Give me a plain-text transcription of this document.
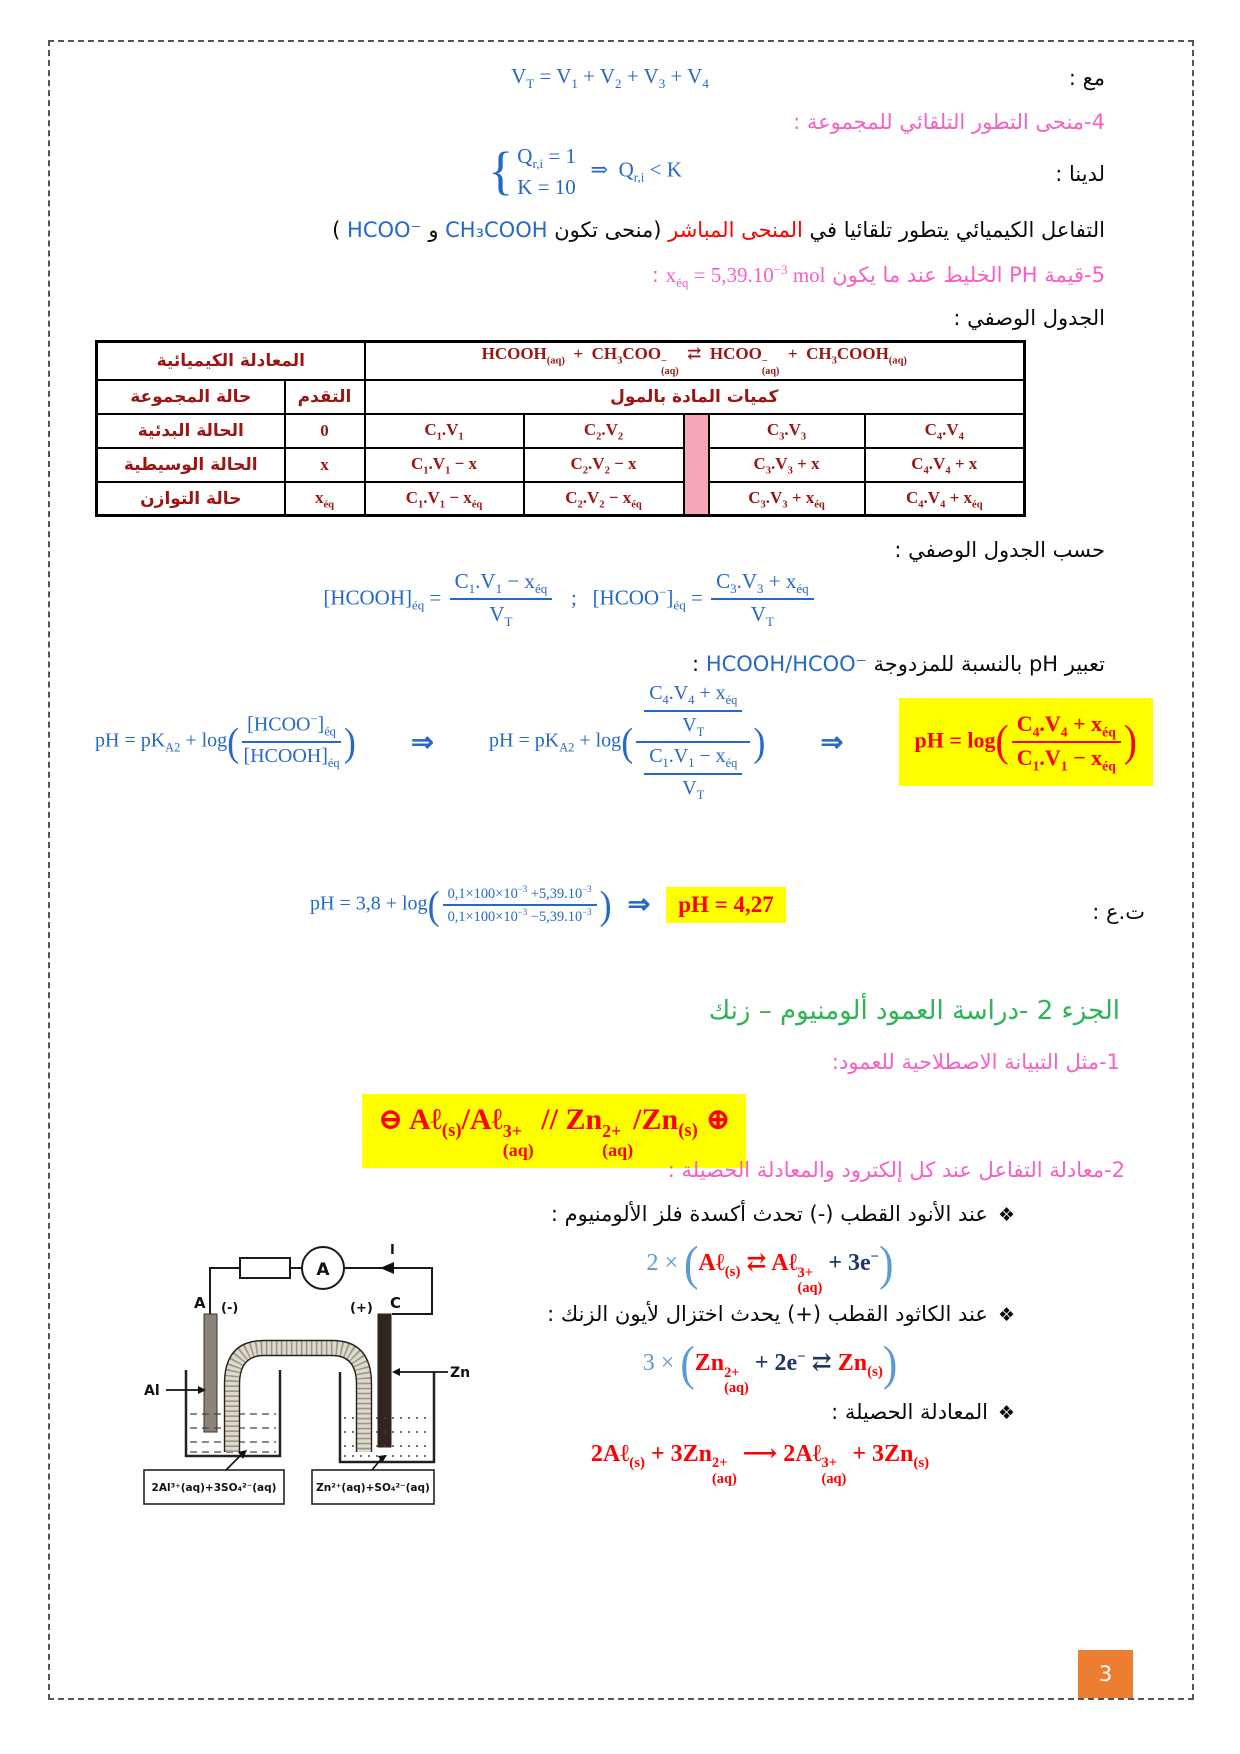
مع :
$V_T = V_1 + V_2 + V_3 + V_4$
4-منحى التطور التلقائي للمجموعة :
لدينا :
{ $Q_{r,i} = 1$
K = 10
⇒  $Q_{r,i} < K$
التفاعل الكيميائي يتطور تلقائيا في المنحى المباشر (منحى تكون CH₃COOH و HCOO⁻ )
5-قيمة PH الخليط عند ما يكون $x_{éq} = 5,39.10^{-3}$ mol :
الجدول الوصفي :
المعادلة الكيميائية	$HCOOH_{(aq)} + CH_3COO$ −
(aq)
⇄  HCOO −
(aq)
+  $CH_3COOH_{(aq)}$
حالة المجموعة	التقدم	كميات المادة بالمول				
الحالة البدئية	0	$C_1.V_1$	$C_2.V_2$		$C_3.V_3$	$C_4.V_4$
الحالة الوسيطية	x	$C_1.V_1 - x$	$C_2.V_2 - x$		$C_3.V_3 + x$	$C_4.V_4 + x$
حالة التوازن	$x_{éq}$	$C_1.V_1 - x_{éq}$	$C_2.V_2 - x_{éq}$		$C_3.V_3 + x_{éq}$	$C_4.V_4 + x_{éq}$
حسب الجدول الوصفي :
$[HCOOH]_{éq} = \frac{C_1.V_1 - x_{éq}}{V_T}$ ;   $[HCOO^-]_{éq} = \frac{C_3.V_3 + x_{éq}}{V_T}$
تعبير pH بالنسبة للمزدوجة HCOOH/HCOO⁻ :
pH = $pK_{A2} + \log( \frac{[HCOO^-]_{éq}}{[HCOOH]_{éq}}$ ) ⇒	pH = $pK_{A2} + \log( \frac{\frac{C_4.V_4 + x_{éq}}{V_T}}{\frac{C_1.V_1 - x_{éq}}{V_T}}$ ) ⇒	pH = $\log( \frac{C_4.V_4 + x_{éq}}{C_1.V_1 - x_{éq}}$ )
ت.ع :
pH = $3,8 + \log( \frac{0,1\times 100\times 10^{-3} +5,39.10^{-3}}{0,1\times 100\times 10^{-3} -5,39.10^{-3}}$ ) ⇒	pH = 4,27
الجزء 2 -دراسة العمود ألومنيوم – زنك
1-مثل التبيانة الاصطلاحية للعمود:
⊖ Aℓ$_{(s)}$/Aℓ 3+
(aq)
// Zn 2+
(aq)
$/Zn_{(s)}$ ⊕
2-معادلة التفاعل عند كل إلكترود والمعادلة الحصيلة :
❖عند الأنود القطب (-) تحدث أكسدة فلز الألومنيوم :
2 × (Aℓ$_{(s)}$ ⇄ Aℓ 3+
(aq)
+ 3e−)
❖عند الكاثود القطب (+) يحدث اختزال لأيون الزنك :
3 × (Zn 2+
(aq)
+ 2e− ⇄ $Zn_{(s)}$)
❖المعادلة الحصيلة :
2Aℓ$_{(s)}$ + 3Zn 2+
(aq)
⟶ 2Aℓ 3+
(aq)
+ $3Zn_{(s)}$
A
I
A (-)	C
(+)
Al
Zn
2Al³⁺(aq)+3SO₄²⁻(aq)	Zn²⁺(aq)+SO₄²⁻(aq)
3
